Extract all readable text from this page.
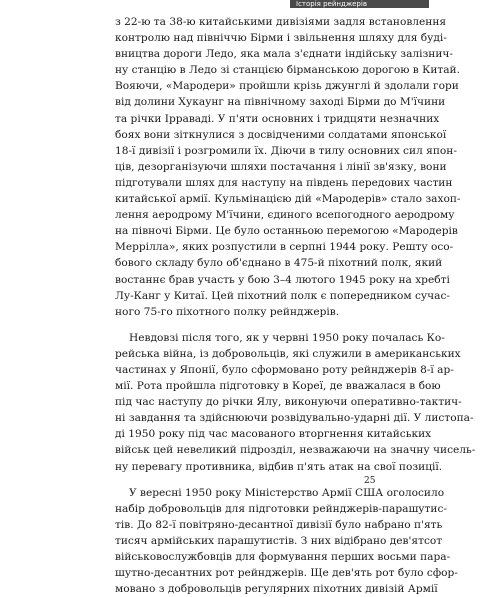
Історія рейнджерів
з 22-ю та 38-ю китайськими дивізіями задля встановлення
контролю над північчю Бірми і звільнення шляху для буді-
вництва дороги Ледо, яка мала з'єднати індійську залізнич-
ну станцію в Ледо зі станцією бірманською дорогою в Китай.
Вояючи, «Мародери» пройшли крізь джунглі й здолали гори
від долини Хукаунг на північному заході Бірми до М'їчини
та річки Ірраваді. У п'яти основних і тридцяти незначних
боях вони зіткнулися з досвідченими солдатами японської
18-ї дивізії і розгромили їх. Діючи в тилу основних сил япон-
ців, дезорганізуючи шляхи постачання і лінії зв'язку, вони
підготували шлях для наступу на південь передових частин
китайської армії. Кульмінацією дій «Мародерів» стало захоп-
лення аеродрому М'їчини, єдиного всепогодного аеродрому
на півночі Бірми. Це було останньою перемогою «Мародерів
Меррілла», яких розпустили в серпні 1944 року. Решту осо-
бового складу було об'єднано в 475-й піхотний полк, який
востаннє брав участь у бою 3–4 лютого 1945 року на хребті
Лу-Канг у Китаї. Цей піхотний полк є попередником сучас-
ного 75-го піхотного полку рейнджерів.
Невдовзі після того, як у червні 1950 року почалась Ко-
рейська війна, із добровольців, які служили в американських
частинах у Японії, було сформовано роту рейнджерів 8-ї ар-
мії. Рота пройшла підготовку в Кореї, де вважалася в бою
під час наступу до річки Ялу, виконуючи оперативно-тактич-
ні завдання та здійснюючи розвідувально-ударні дії. У листопа-
ді 1950 року під час масованого вторгнення китайських
військ цей невеликий підрозділ, незважаючи на значну чисель-
ну перевагу противника, відбив п'ять атак на свої позиції.
У вересні 1950 року Міністерство Армії США оголосило
набір добровольців для підготовки рейнджерів-парашутис-
тів. До 82-ї повітряно-десантної дивізії було набрано п'ять
тисяч армійських парашутистів. З них відібрано дев'ятсот
військовослужбовців для формування перших восьми пара-
шутно-десантних рот рейнджерів. Ще дев'ять рот було сфор-
мовано з добровольців регулярних піхотних дивізій Армії
25
